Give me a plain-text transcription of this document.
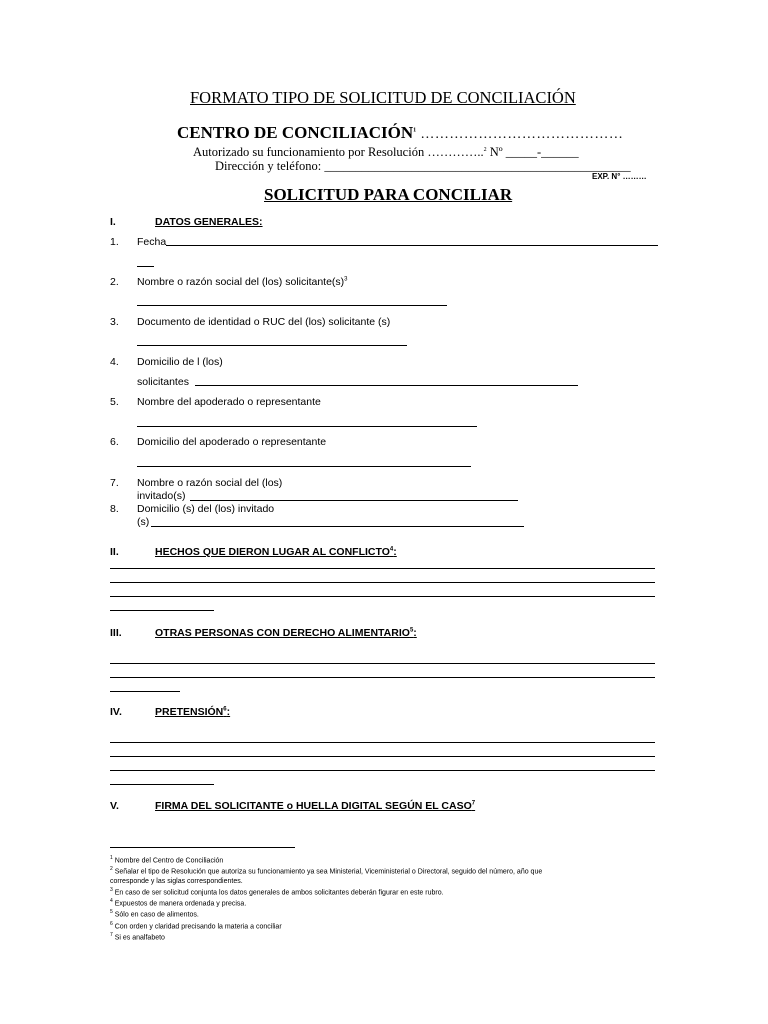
FORMATO TIPO DE SOLICITUD DE CONCILIACIÓN
CENTRO DE CONCILIACIÓN$^1$ ……………………………………
Autorizado su funcionamiento por Resolución …………..$^2$ Nº _____-______
Dirección y teléfono: _________________________________________________
EXP. N° ………
SOLICITUD PARA CONCILIAR
I.	DATOS GENERALES:
1. Fecha
2. Nombre o razón social del (los) $solicitante(s)^3$
3. Documento de identidad o RUC del (los) solicitante (s)
4. Domicilio de l (los)
solicitantes
5. Nombre del apoderado o representante
6. Domicilio del apoderado o representante
7. Nombre o razón social del (los)
invitado(s)
8. Domicilio (s) del (los) invitado
(s)
II.	HECHOS QUE DIERON LUGAR AL CONFLICTO$^4$:
III.	OTRAS PERSONAS CON DERECHO ALIMENTARIO$^5$:
IV.	PRETENSIÓN$^6$:
V.	FIRMA DEL SOLICITANTE o HUELLA DIGITAL SEGÚN EL CASO$^7$
$^1$ Nombre del Centro de Conciliación
$^2$ Señalar el tipo de Resolución que autoriza su funcionamiento ya sea Ministerial, Viceministerial o Directoral, seguido del número, año que
corresponde y las siglas correspondientes.
$^3$ En caso de ser solicitud conjunta los datos generales de ambos solicitantes deberán figurar en este rubro.
$^4$ Expuestos de manera ordenada y precisa.
$^5$ Sólo en caso de alimentos.
$^6$ Con orden y claridad precisando la materia a conciliar
$^7$ Si es analfabeto
